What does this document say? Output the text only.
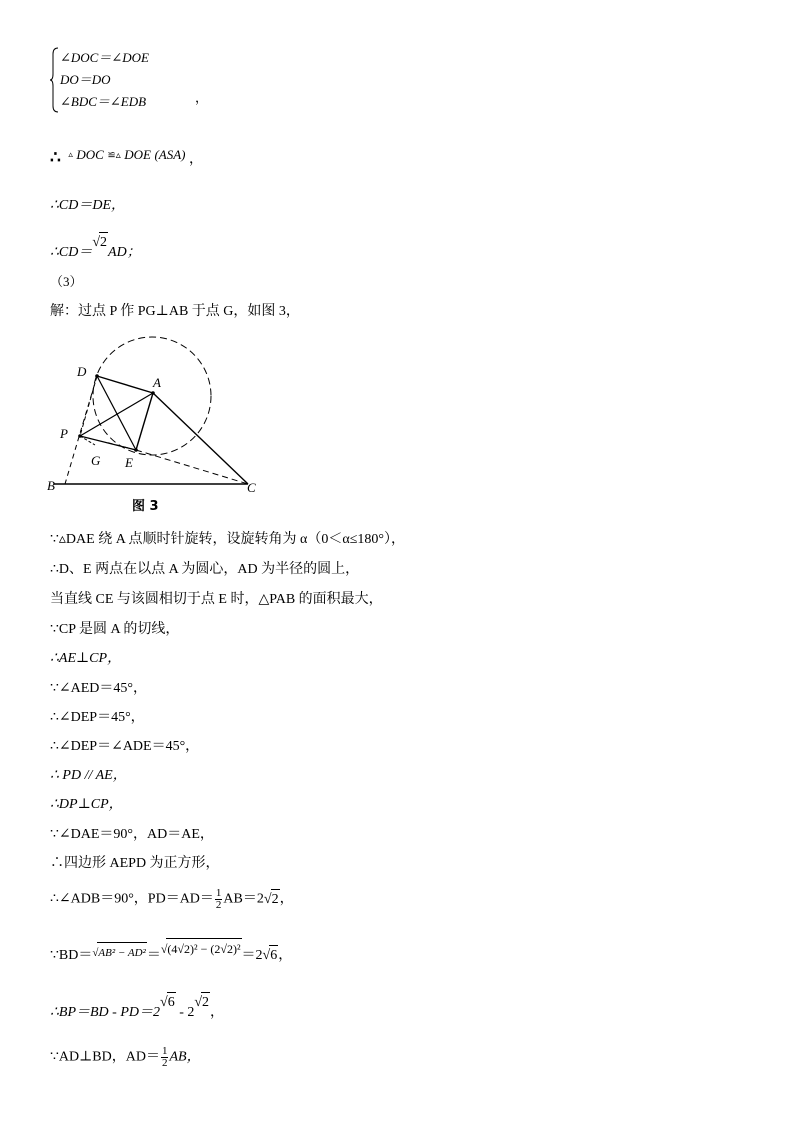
∠DOC＝∠DOE
DO＝DO
∠BDC＝∠EDB	，
∴ ▵ DOC ≌▵ DOE (ASA) ，
∴CD＝DE，
∴CD＝√2AD；
（3）
解：过点 P 作 PG⊥AB 于点 G，如图 3，
D
A
P
G E
B	C
图 3
∵▵DAE 绕 A 点顺时针旋转，设旋转角为 α（0＜α≤180°），
∴D、E 两点在以点 A 为圆心，AD 为半径的圆上，
当直线 CE 与该圆相切于点 E 时，△PAB 的面积最大，
∵CP 是圆 A 的切线，
∴AE⊥CP，
∵∠AED＝45°，
∴∠DEP＝45°，
∴∠DEP＝∠ADE＝45°，
∴ PD // AE，
∴DP⊥CP，
∵∠DAE＝90°，AD＝AE，
∴四边形 AEPD 为正方形，
∴∠ADB＝90°，$PD=AD= \frac{1}{2} AB=2√2$，
∵BD＝$^{√AB^2 - AD^2}$＝√(4√2)² − (2√2)²＝2√6，
∴BP＝BD - PD＝2√6 - 2√2，
∵AD⊥BD，$AD= \frac{1}{2}$ AB，
